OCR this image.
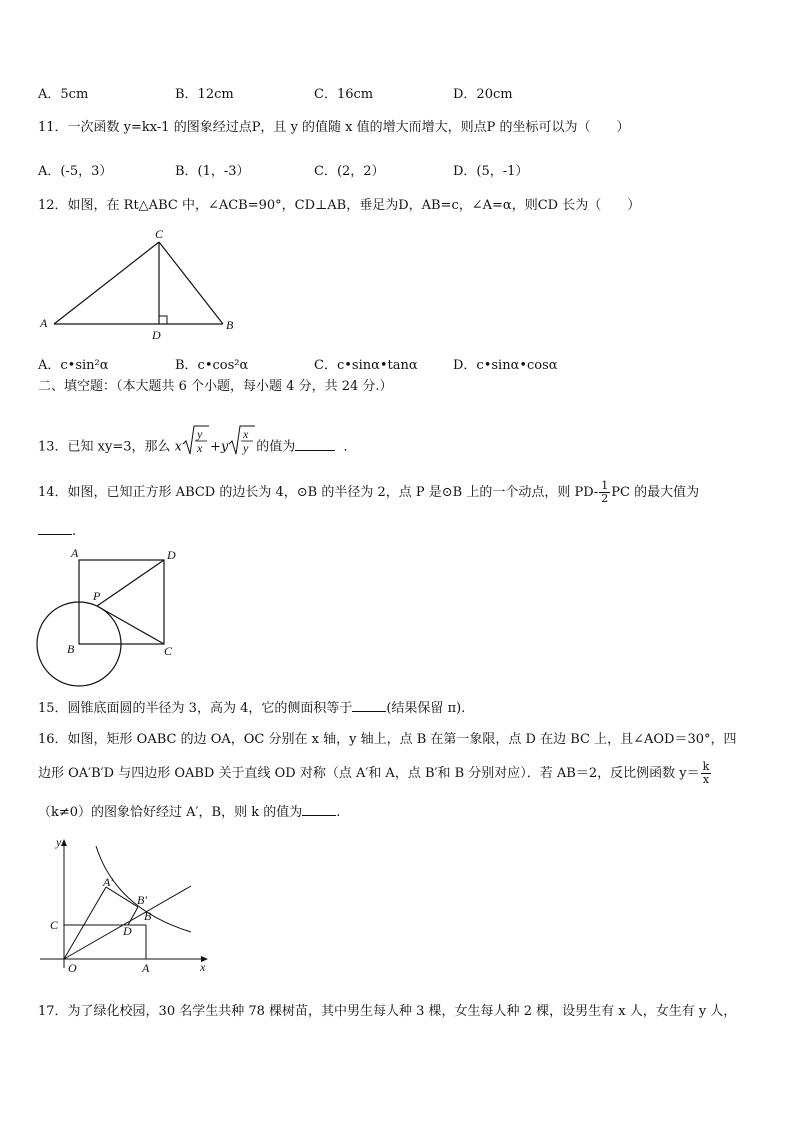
A．5cm	B．12cm	C．16cm	D．20cm
11．一次函数 y=kx-1 的图象经过点P，且 y 的值随 x 值的增大而增大，则点P 的坐标可以为（　　）
A．(-5，3）	B．(1，-3）	C．(2，2）	D．(5，-1）
12．如图，在 Rt△ABC 中，∠ACB=90°，CD⊥AB，垂足为D，AB=c，∠A=α，则CD 长为（　　）
A	B
C
D
A．c•sin²α	B．c•cos²α	C．c•sinα•tanα	D．c•sinα•cosα
二、填空题：（本大题共 6 个小题，每小题 4 分，共 24 分.）
13．已知 xy=3，那么 x
y
x +y
x
y 的值为	．
14．如图，已知正方形 ABCD 的边长为 4，⊙B 的半径为 2，点 P 是⊙B 上的一个动点，则 $PD- \frac{1}{2}$ PC 的最大值为
.
A	D
P
B	C
15．圆锥底面圆的半径为 3，高为 4，它的侧面积等于	(结果保留 π).
16．如图，矩形 OABC 的边 OA，OC 分别在 x 轴，y 轴上，点 B 在第一象限，点 D 在边 BC 上，且∠AOD＝30°，四
边形 OA′B′D 与四边形 OABD 关于直线 OD 对称（点 A′和 A，点 B′和 B 分别对应）．若 AB＝2，反比例函数 $y= \frac{k}{x}$
（k≠0）的图象恰好经过 A′，B，则 k 的值为	.
y
x
O	A
C	D
B
A′
B′
17．为了绿化校园，30 名学生共种 78 棵树苗，其中男生每人种 3 棵，女生每人种 2 棵，设男生有 x 人，女生有 y 人，
